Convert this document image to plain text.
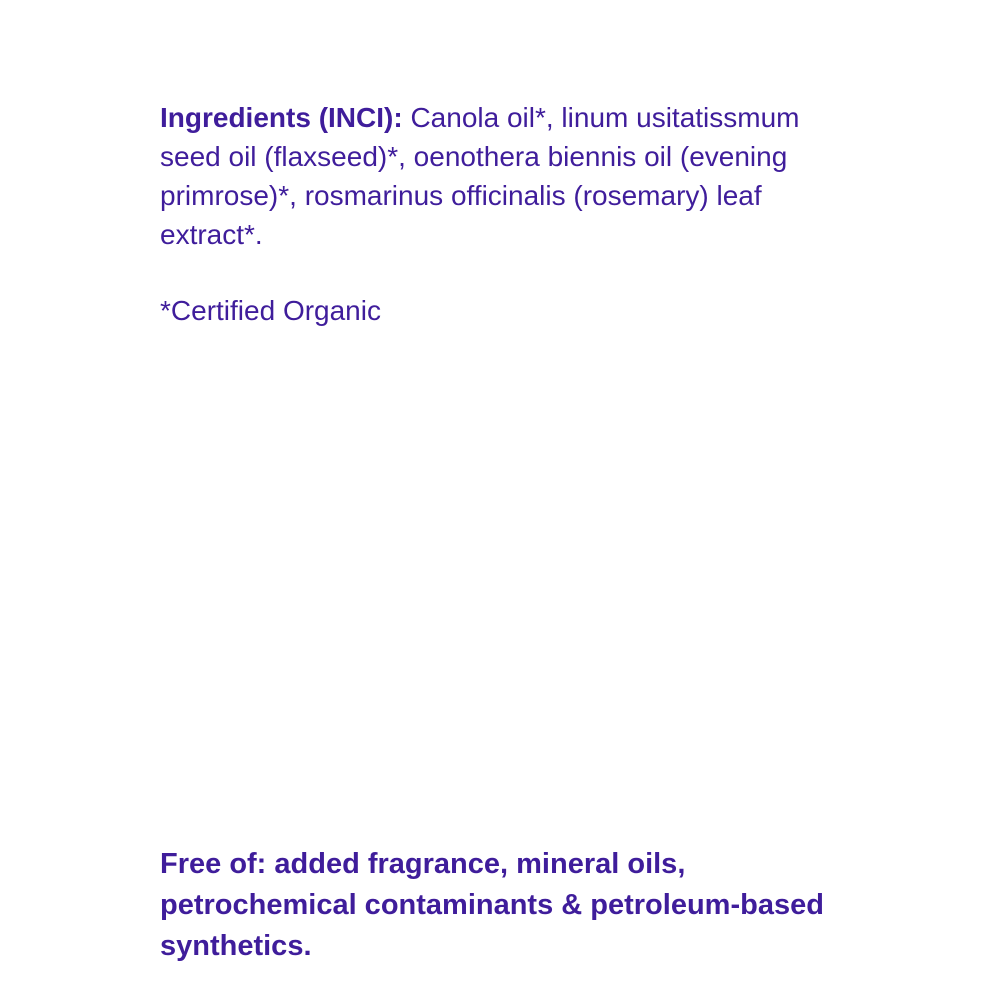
Ingredients (INCI): Canola oil*, linum usitatissmum seed oil (flaxseed)*, oenothera biennis oil (evening primrose)*, rosmarinus officinalis (rosemary) leaf extract*.

*Certified Organic

Free of: added fragrance, mineral oils, petrochemical contaminants & petroleum-based synthetics.
